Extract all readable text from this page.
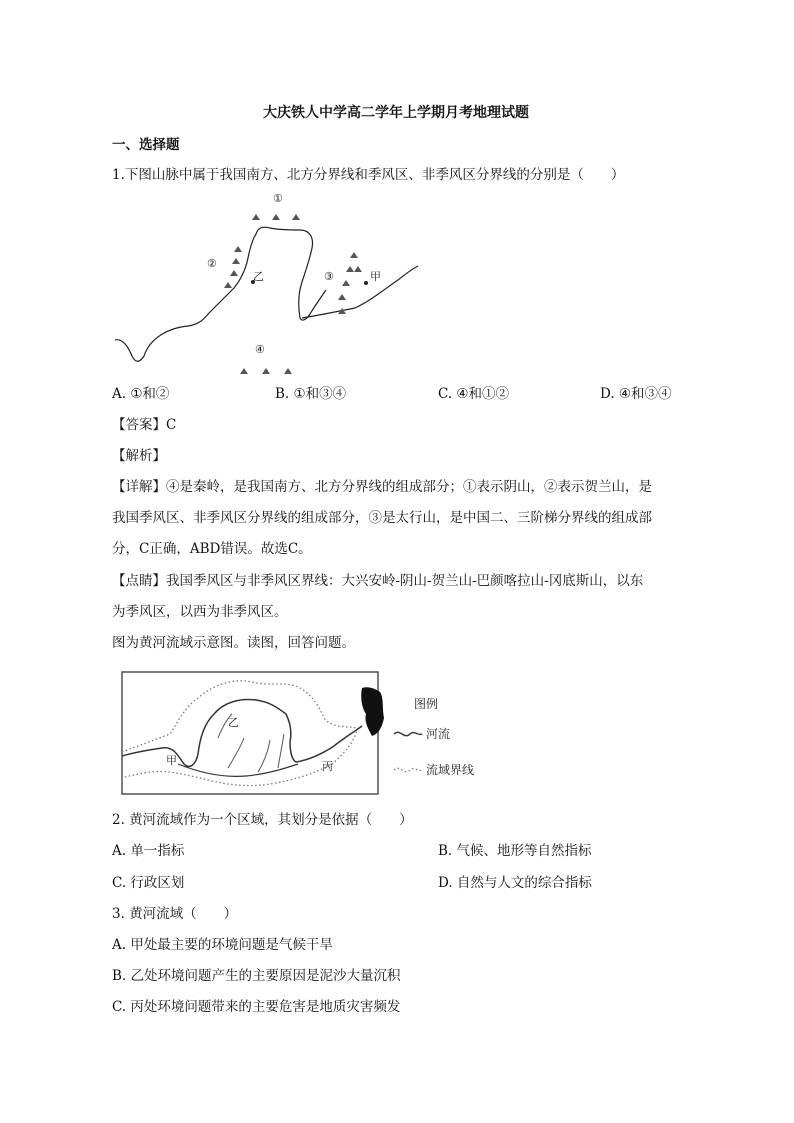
大庆铁人中学高二学年上学期月考地理试题
一、选择题
1.下图山脉中属于我国南方、北方分界线和季风区、非季风区分界线的分别是（　　）
①
②
③
④
乙	甲
A. ①和②	B. ①和③④	C. ④和①②	D. ④和③④
【答案】C
【解析】
【详解】④是秦岭，是我国南方、北方分界线的组成部分；①表示阴山，②表示贺兰山，是
我国季风区、非季风区分界线的组成部分，③是太行山，是中国二、三阶梯分界线的组成部
分，C正确，ABD错误。故选C。
【点睛】我国季风区与非季风区界线：大兴安岭-阴山-贺兰山-巴颜喀拉山-冈底斯山，以东
为季风区，以西为非季风区。
图为黄河流域示意图。读图，回答问题。
乙
甲	丙
图例
河流
流域界线
2. 黄河流域作为一个区域，其划分是依据（　　）
A. 单一指标	B. 气候、地形等自然指标
C. 行政区划	D. 自然与人文的综合指标
3. 黄河流域（　　）
A. 甲处最主要的环境问题是气候干旱
B. 乙处环境问题产生的主要原因是泥沙大量沉积
C. 丙处环境问题带来的主要危害是地质灾害频发
